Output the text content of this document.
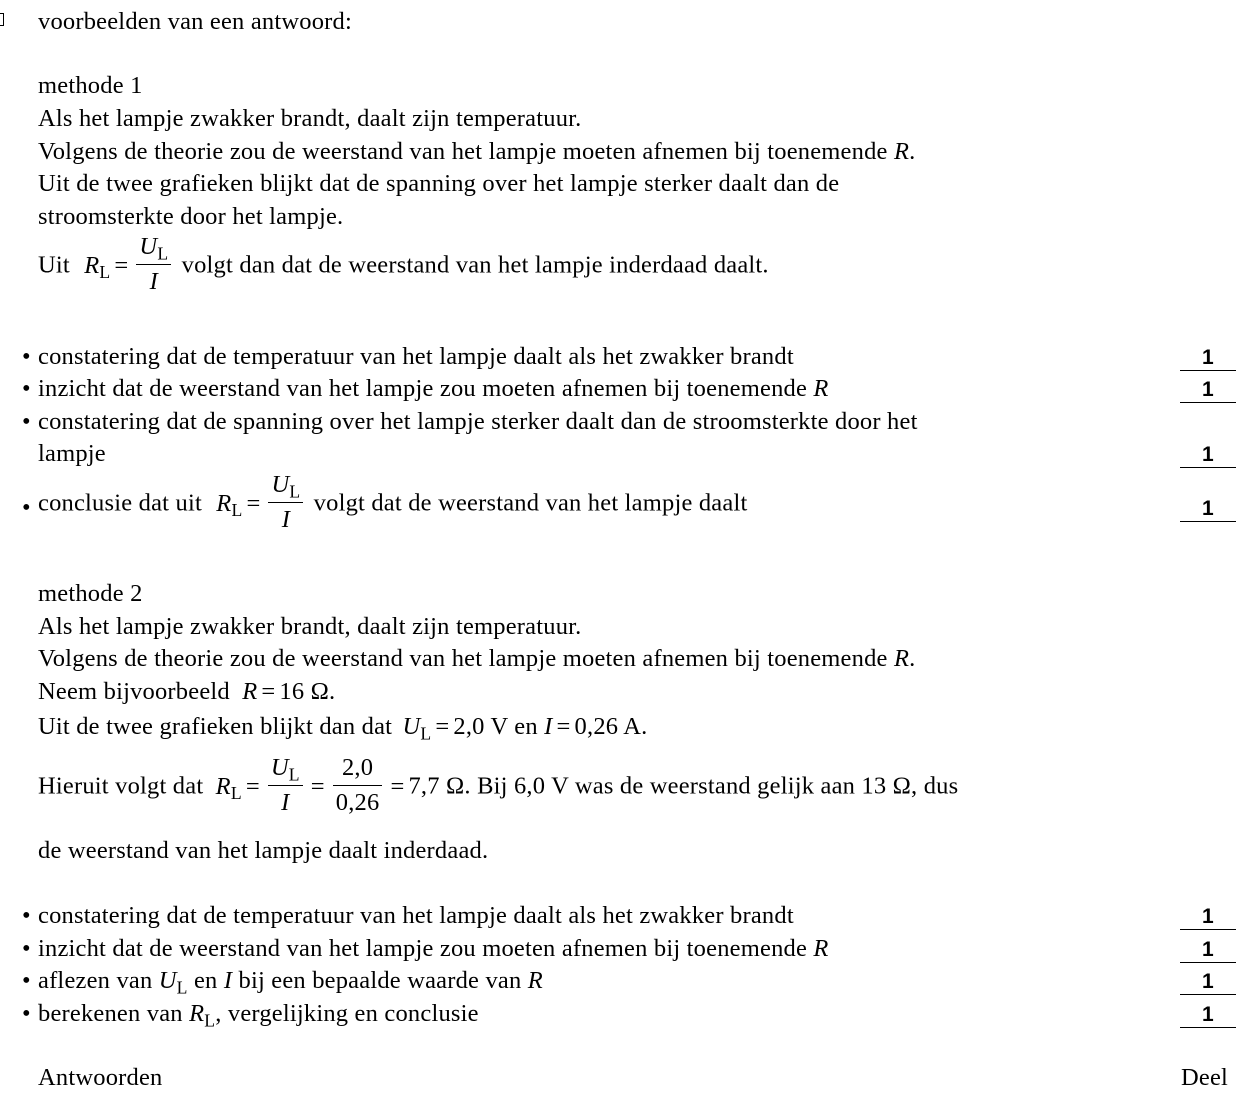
voorbeelden van een antwoord:
methode 1
Als het lampje zwakker brandt, daalt zijn temperatuur.
Volgens de theorie zou de weerstand van het lampje moeten afnemen bij toenemende R.
Uit de twee grafieken blijkt dat de spanning over het lampje sterker daalt dan de
stroomsterkte door het lampje.
Uit $R_L = \frac{U_L}{I}$ volgt dan dat de weerstand van het lampje inderdaad daalt.
• constatering dat de temperatuur van het lampje daalt als het zwakker brandt	1
• inzicht dat de weerstand van het lampje zou moeten afnemen bij toenemende R	1
• constatering dat de spanning over het lampje sterker daalt dan de stroomsterkte door het
lampje	1
• conclusie dat uit $R_L = \frac{U_L}{I}$ volgt dat de weerstand van het lampje daalt	1
methode 2
Als het lampje zwakker brandt, daalt zijn temperatuur.
Volgens de theorie zou de weerstand van het lampje moeten afnemen bij toenemende R.
Neem bijvoorbeeld R = 16 Ω.
Uit de twee grafieken blijkt dan dat $U_L = 2,0$ V en I = 0,26 A.
Hieruit volgt dat $R_L = \frac{U_L}{I} = \frac{2,0}{0,26} = 7,7$ Ω. Bij 6,0 V was de weerstand gelijk aan 13 Ω, dus
de weerstand van het lampje daalt inderdaad.
• constatering dat de temperatuur van het lampje daalt als het zwakker brandt	1
• inzicht dat de weerstand van het lampje zou moeten afnemen bij toenemende R	1
• aflezen van $U_L$ en I bij een bepaalde waarde van R	1
• berekenen van $R_L$, vergelijking en conclusie	1
Antwoorden	Deel
